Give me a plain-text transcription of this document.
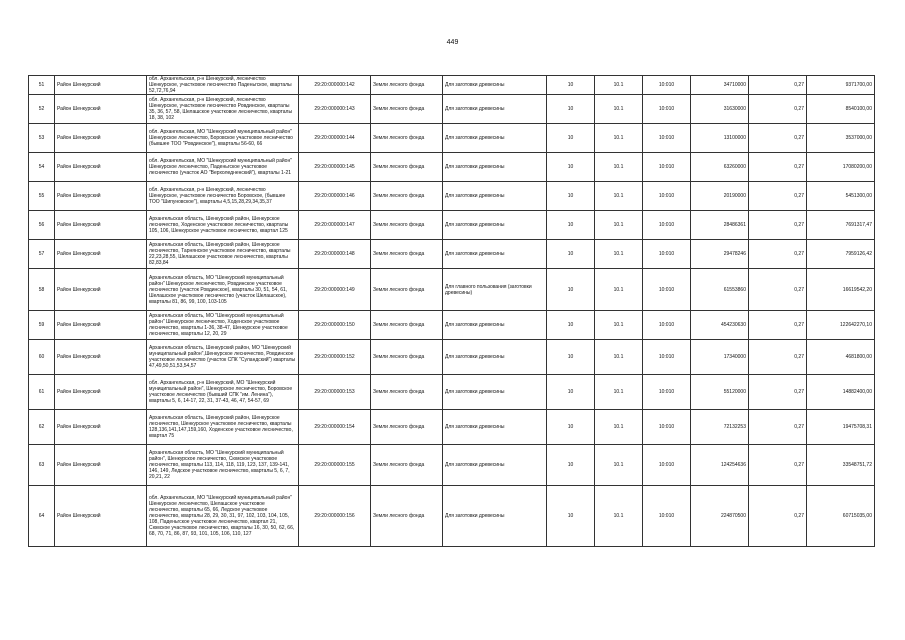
449
51	Район Шенкурский	обл. Архангельская, р-н Шенкурский, лесничество Шенкурское, участковое лесничество Паденьгское, кварталы 52,72,76,94	29:20:000000:142	Земли лесного фонда	Для заготовки древесины	10	10.1	10:010	34710000	0,27	9371700,00
52	Район Шенкурский	обл. Архангельская, р-н Шенкурский, лесничество Шенкурское, участковое лесничество Ровдинское, кварталы 35, 36, 57, 58, Шелашское участковое лесничество, кварталы 18, 38, 102	29:20:000000:143	Земли лесного фонда	Для заготовки древесины	10	10.1	10:010	31630000	0,27	8540100,00
53	Район Шенкурский	обл. Архангельская, МО "Шенкурский муниципальный район" Шенкурское лесничество, Боровское участковое лесничество (бывшее ТОО "Ровдинское"), кварталы 56-60, 66	29:20:000000:144	Земли лесного фонда	Для заготовки древесины	10	10.1	10:010	13100000	0,27	3537000,00
54	Район Шенкурский	обл. Архангельская, МО "Шенкурский муниципальный район" Шенкурское лесничество, Паденьгское участковое лесничество (участок АО "Верхоледненский"), кварталы 1-21	29:20:000000:145	Земли лесного фонда	Для заготовки древесины	10	10.1	10:010	63260000	0,27	17080200,00
55	Район Шенкурский	обл. Архангельская, р-н Шенкурский, лесничество Шенкурское, участковое лесничество Боровское, (бывшее ТОО "Шипуновское"), кварталы 4,5,15,28,29,34,35,37	29:20:000000:146	Земли лесного фонда	Для заготовки древесины	10	10.1	10:010	20190000	0,27	5451300,00
56	Район Шенкурский	Архангельская область, Шенкурский район, Шенкурское лесничество, Ходенское участковое лесничество, кварталы 105, 106, Шенкурское участковое лесничество, квартал 125	29:20:000000:147	Земли лесного фонда	Для заготовки древесины	10	10.1	10:010	28486361	0,27	7691317,47
57	Район Шенкурский	Архангельская область, Шенкурский район, Шенкурское лесничество, Тарнянское участковое лесничество, кварталы 22,23,28,55, Шелашское участковое лесничество, кварталы 82,83,84	29:20:000000:148	Земли лесного фонда	Для заготовки древесины	10	10.1	10:010	29478246	0,27	7959126,42
58	Район Шенкурский	Архангельская область, МО "Шенкурский муниципальный район" Шенкурское лесничество, Ровдинское участковое лесничество (участок Ровдинское), кварталы 30, 51, 54, 61, Шелашское участковое лесничество (участок Шелашское), кварталы 81, 86, 99, 100, 103-105	29:20:000000:149	Земли лесного фонда	Для главного пользования (заготовки древесины)	10	10.1	10:010	61553860	0,27	16619542,20
59	Район Шенкурский	Архангельская область, МО "Шенкурский муниципальный район" Шенкурское лесничество, Ходенское участковое лесничество, кварталы 1-36, 38-47, Шенкурское участковое лесничество, кварталы 12, 20, 29	29:20:000000:150	Земли лесного фонда	Для заготовки древесины	10	10.1	10:010	454230630	0,27	122642270,10
60	Район Шенкурский	Архангельская область, Шенкурский район, МО "Шенкурский муниципальный район",Шенкурское лесничество, Ровдинское участковое лесничество (участок СПК "Суландский") кварталы 47,49,50,51,53,54,57	29:20:000000:152	Земли лесного фонда	Для заготовки древесины	10	10.1	10:010	17340000	0,27	4681800,00
61	Район Шенкурский	обл. Архангельская, р-н Шенкурский, МО "Шенкурский муниципальный район", Шенкурское лесничество, Боровское участковое лесничество (бывший СПК "им. Ленина"), кварталы 5, 6, 14-17, 22, 31, 37-43, 46, 47, 54-57, 69	29:20:000000:153	Земли лесного фонда	Для заготовки древесины	10	10.1	10:010	55120000	0,27	14882400,00
62	Район Шенкурский	Архангельская область, Шенкурский район, Шенкурское лесничество, Шенкурское участковое лесничество, кварталы 128,136,141,147,159,160, Ходенское участковое лесничество, квартал 75	29:20:000000:154	Земли лесного фонда	Для заготовки древесины	10	10.1	10:010	72132253	0,27	19475708,31
63	Район Шенкурский	Архангельская область, МО "Шенкурский муниципальный район", Шенкурское лесничество, Сюмское участковое лесничество, кварталы 113, 114, 118, 119, 123, 137, 139-141, 146, 149, Ледское участковое лесничество, кварталы 5, 6, 7, 20,21, 22	29:20:000000:155	Земли лесного фонда	Для заготовки древесины	10	10.1	10:010	124254636	0,27	33548751,72
64	Район Шенкурский	обл. Архангельская, МО "Шенкурский муниципальный район" Шенкурское лесничество, Шелашское участковое лесничество, кварталы 65, 66, Ледское участковое лесничество, кварталы 28, 29, 30, 31, 97, 102, 103, 104, 105, 108, Паденьгское участковое лесничество, квартал 21, Сюмское участковое лесничество, кварталы 16, 30, 50, 62, 66, 68, 70, 71, 86, 87, 93, 101, 105, 106, 110, 127	29:20:000000:156	Земли лесного фонда	Для заготовки древесины	10	10.1	10:010	224870500	0,27	60715035,00
